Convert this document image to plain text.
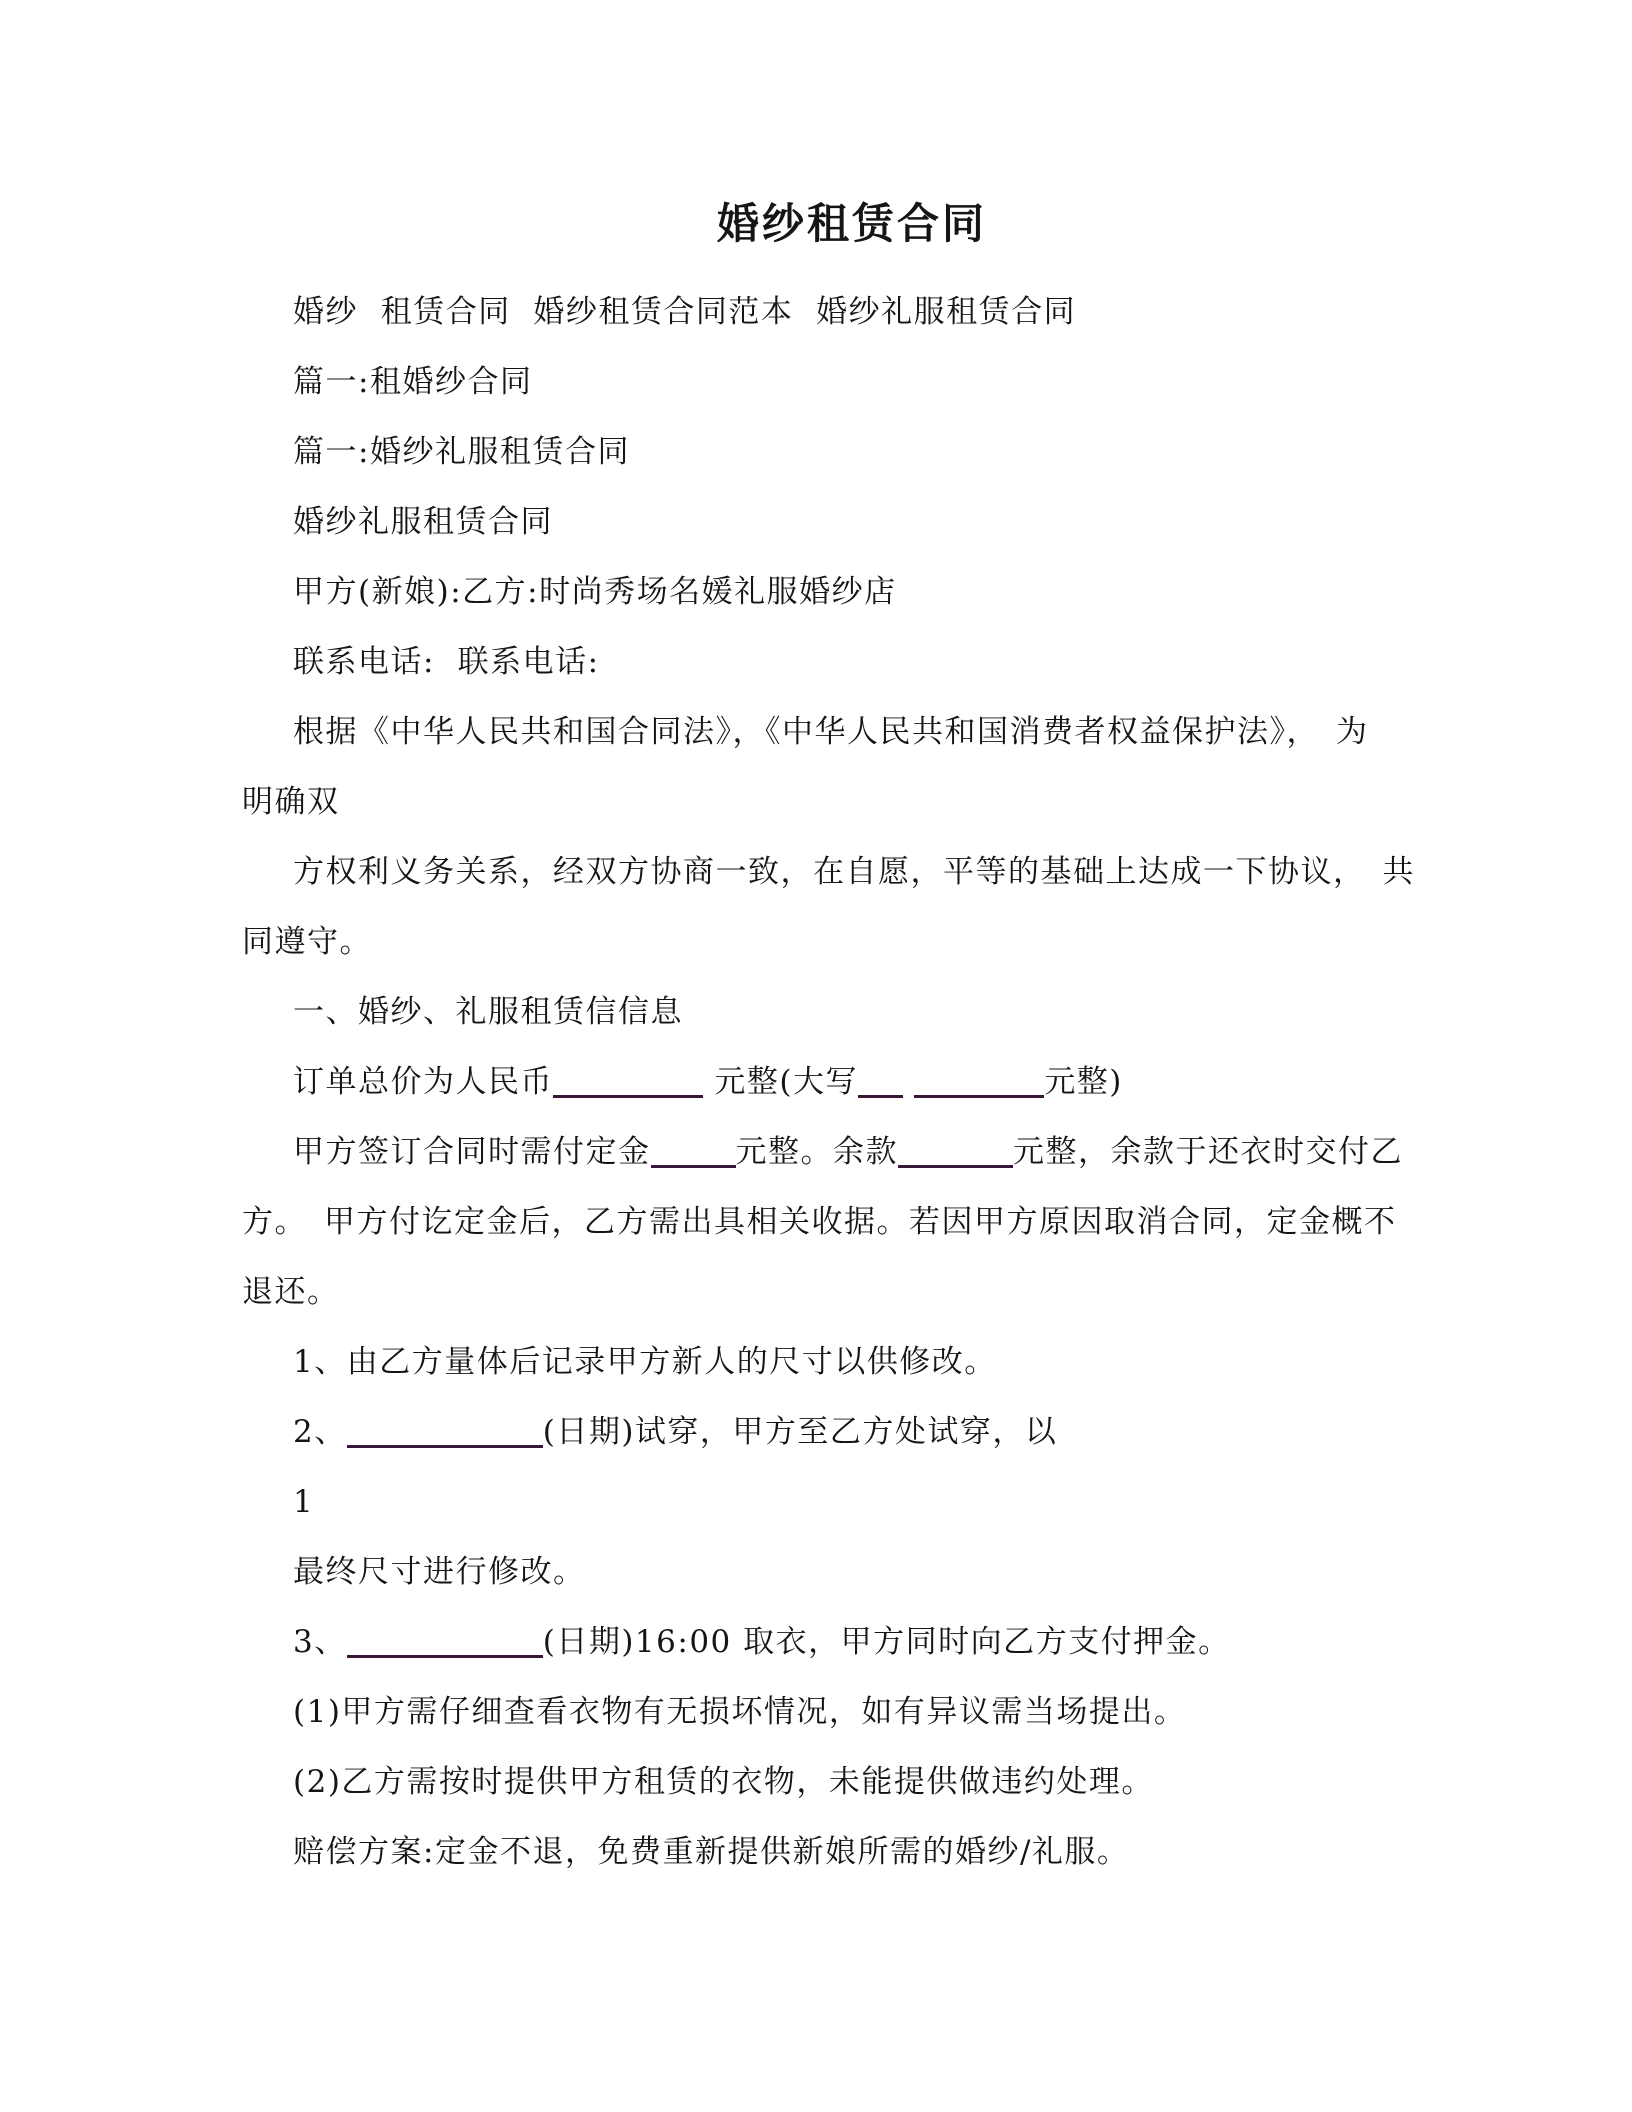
婚纱租赁合同
婚纱  租赁合同  婚纱租赁合同范本  婚纱礼服租赁合同
篇一:租婚纱合同
篇一:婚纱礼服租赁合同
婚纱礼服租赁合同
甲方(新娘):乙方:时尚秀场名媛礼服婚纱店
联系电话:  联系电话:
根据《中华人民共和国合同法》，《中华人民共和国消费者权益保护法》，　为
明确双
方权利义务关系，经双方协商一致，在自愿，平等的基础上达成一下协议，　共
同遵守。
一、婚纱、礼服租赁信信息
订单总价为人民币	元整(大写	元整)
甲方签订合同时需付定金	元整。余款	元整，余款于还衣时交付乙
方。　甲方付讫定金后，乙方需出具相关收据。若因甲方原因取消合同，定金概不
退还。
1、由乙方量体后记录甲方新人的尺寸以供修改。
2、	(日期)试穿，甲方至乙方处试穿，以
1
最终尺寸进行修改。
3、	(日期)16:00 取衣，甲方同时向乙方支付押金。
(1)甲方需仔细查看衣物有无损坏情况，如有异议需当场提出。
(2)乙方需按时提供甲方租赁的衣物，未能提供做违约处理。
赔偿方案:定金不退，免费重新提供新娘所需的婚纱/礼服。
